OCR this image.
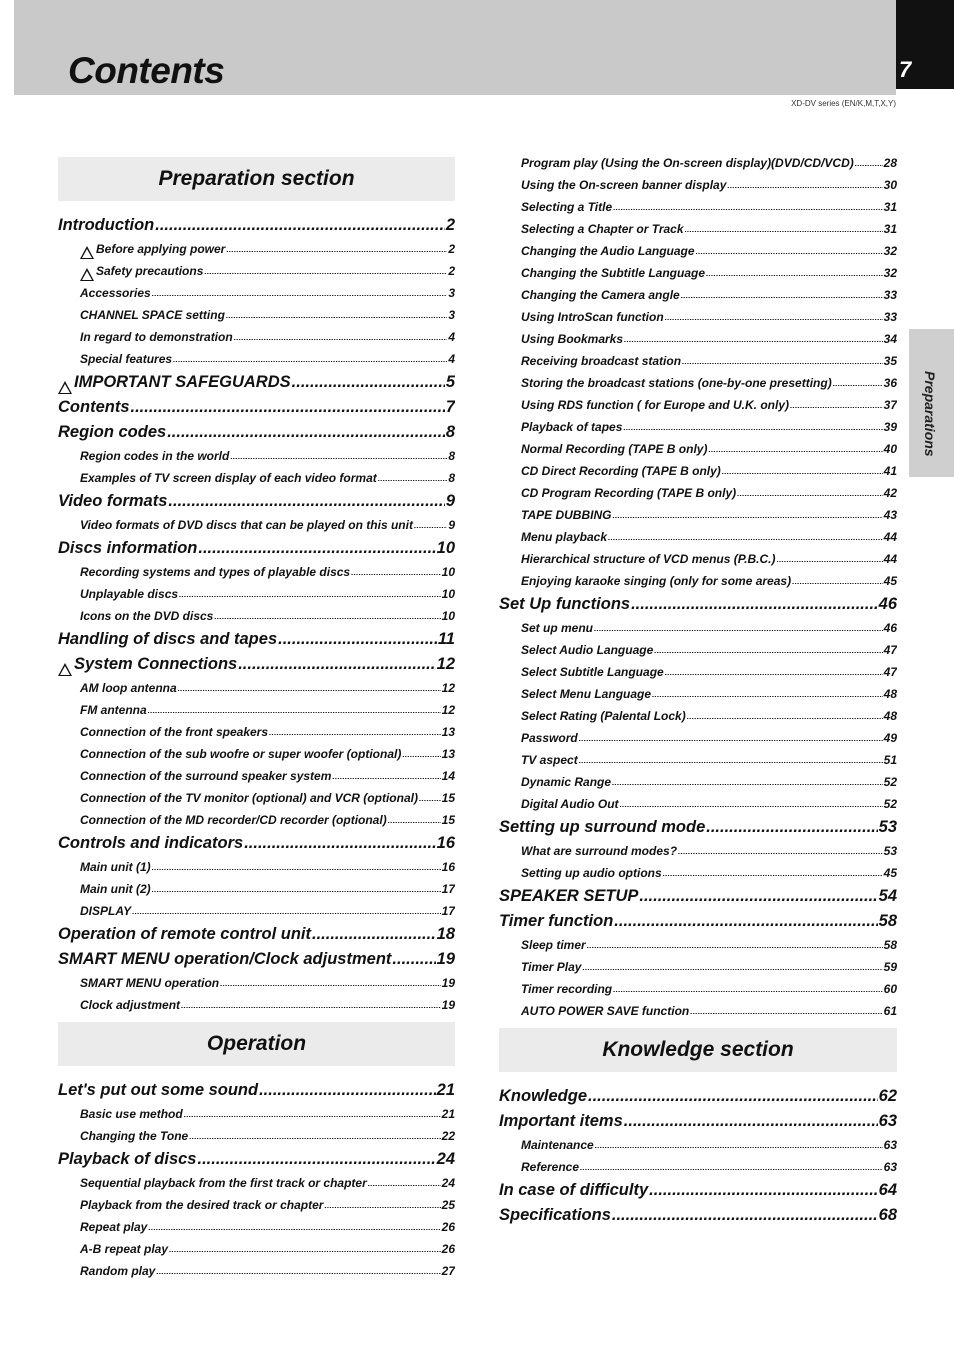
Contents	7
XD-DV series (EN/K,M,T,X,Y)
Preparations
Preparation section
Introduction .....	2
Before applying power .....	2
Safety precautions .....	2
Accessories .....	3
CHANNEL SPACE setting .....	3
In regard to demonstration .....	4
Special features .....	4
IMPORTANT SAFEGUARDS .....	5
Contents .....	7
Region codes .....	8
Region codes in the world .....	8
Examples of TV screen display of each video format .....	8
Video formats .....	9
Video formats of DVD discs that can be played on this unit .....	9
Discs information .....	10
Recording systems and types of playable discs .....	10
Unplayable discs .....	10
Icons on the DVD discs .....	10
Handling of discs and tapes .....	11
System Connections .....	12
AM loop antenna .....	12
FM antenna .....	12
Connection of the front speakers .....	13
Connection of the sub woofre or super woofer (optional) .....	13
Connection of the surround speaker system .....	14
Connection of the TV monitor (optional) and VCR (optional) ..... 15
Connection of the MD recorder/CD recorder (optional) .....	15
Controls and indicators .....	16
Main unit (1) .....	16
Main unit (2) .....	17
DISPLAY .....	17
Operation of remote control unit .....	18
SMART MENU operation/Clock adjustment .....	19
SMART MENU operation .....	19
Clock adjustment .....	19
Operation
Let's put out some sound .....	21
Basic use method .....	21
Changing the Tone .....	22
Playback of discs .....	24
Sequential playback from the first track or chapter .....	24
Playback from the desired track or chapter .....	25
Repeat play .....	26
A-B repeat play .....	26
Random play .....	27
Program play (Using the On-screen display)(DVD/CD/VCD) ..... 28
Using the On-screen banner display .....	30
Selecting a Title .....	31
Selecting a Chapter or Track .....	31
Changing the Audio Language .....	32
Changing the Subtitle Language .....	32
Changing the Camera angle .....	33
Using IntroScan function .....	33
Using Bookmarks .....	34
Receiving broadcast station .....	35
Storing the broadcast stations (one-by-one presetting) .....	36
Using RDS function ( for Europe and U.K. only) .....	37
Playback of tapes .....	39
Normal Recording (TAPE B only) .....	40
CD Direct Recording (TAPE B only) .....	41
CD Program Recording (TAPE B only) .....	42
TAPE DUBBING .....	43
Menu playback .....	44
Hierarchical structure of VCD menus (P.B.C.) .....	44
Enjoying karaoke singing (only for some areas) .....	45
Set Up functions .....	46
Set up menu .....	46
Select Audio Language .....	47
Select Subtitle Language .....	47
Select Menu Language .....	48
Select Rating (Palental Lock) .....	48
Password .....	49
TV aspect .....	51
Dynamic Range .....	52
Digital Audio Out .....	52
Setting up surround mode .....	53
What are surround modes? .....	53
Setting up audio options .....	45
SPEAKER SETUP .....	54
Timer function .....	58
Sleep timer .....	58
Timer Play .....	59
Timer recording .....	60
AUTO POWER SAVE function .....	61
Knowledge section
Knowledge .....	62
Important items .....	63
Maintenance .....	63
Reference .....	63
In case of difficulty .....	64
Specifications .....	68
